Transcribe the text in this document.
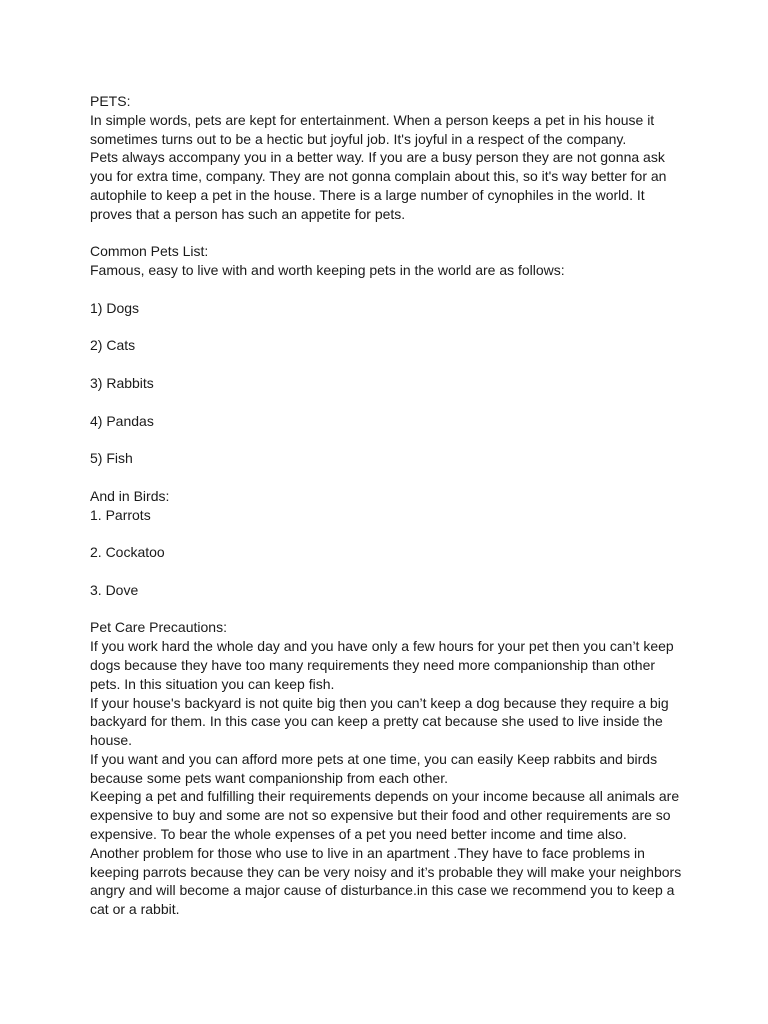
PETS:
In simple words, pets are kept for entertainment. When a person keeps a pet in his house it
sometimes turns out to be a hectic but joyful job. It's joyful in a respect of the company.
Pets always accompany you in a better way. If you are a busy person they are not gonna ask
you for extra time, company. They are not gonna complain about this, so it's way better for an
autophile to keep a pet in the house. There is a large number of cynophiles in the world. It
proves that a person has such an appetite for pets.
Common Pets List:
Famous, easy to live with and worth keeping pets in the world are as follows:
1) Dogs
2) Cats
3) Rabbits
4) Pandas
5) Fish
And in Birds:
1. Parrots
2. Cockatoo
3. Dove
Pet Care Precautions:
If you work hard the whole day and you have only a few hours for your pet then you can’t keep
dogs because they have too many requirements they need more companionship than other
pets. In this situation you can keep fish.
If your house's backyard is not quite big then you can’t keep a dog because they require a big
backyard for them. In this case you can keep a pretty cat because she used to live inside the
house.
If you want and you can afford more pets at one time, you can easily Keep rabbits and birds
because some pets want companionship from each other.
Keeping a pet and fulfilling their requirements depends on your income because all animals are
expensive to buy and some are not so expensive but their food and other requirements are so
expensive. To bear the whole expenses of a pet you need better income and time also.
Another problem for those who use to live in an apartment .They have to face problems in
keeping parrots because they can be very noisy and it’s probable they will make your neighbors
angry and will become a major cause of disturbance.in this case we recommend you to keep a
cat or a rabbit.
